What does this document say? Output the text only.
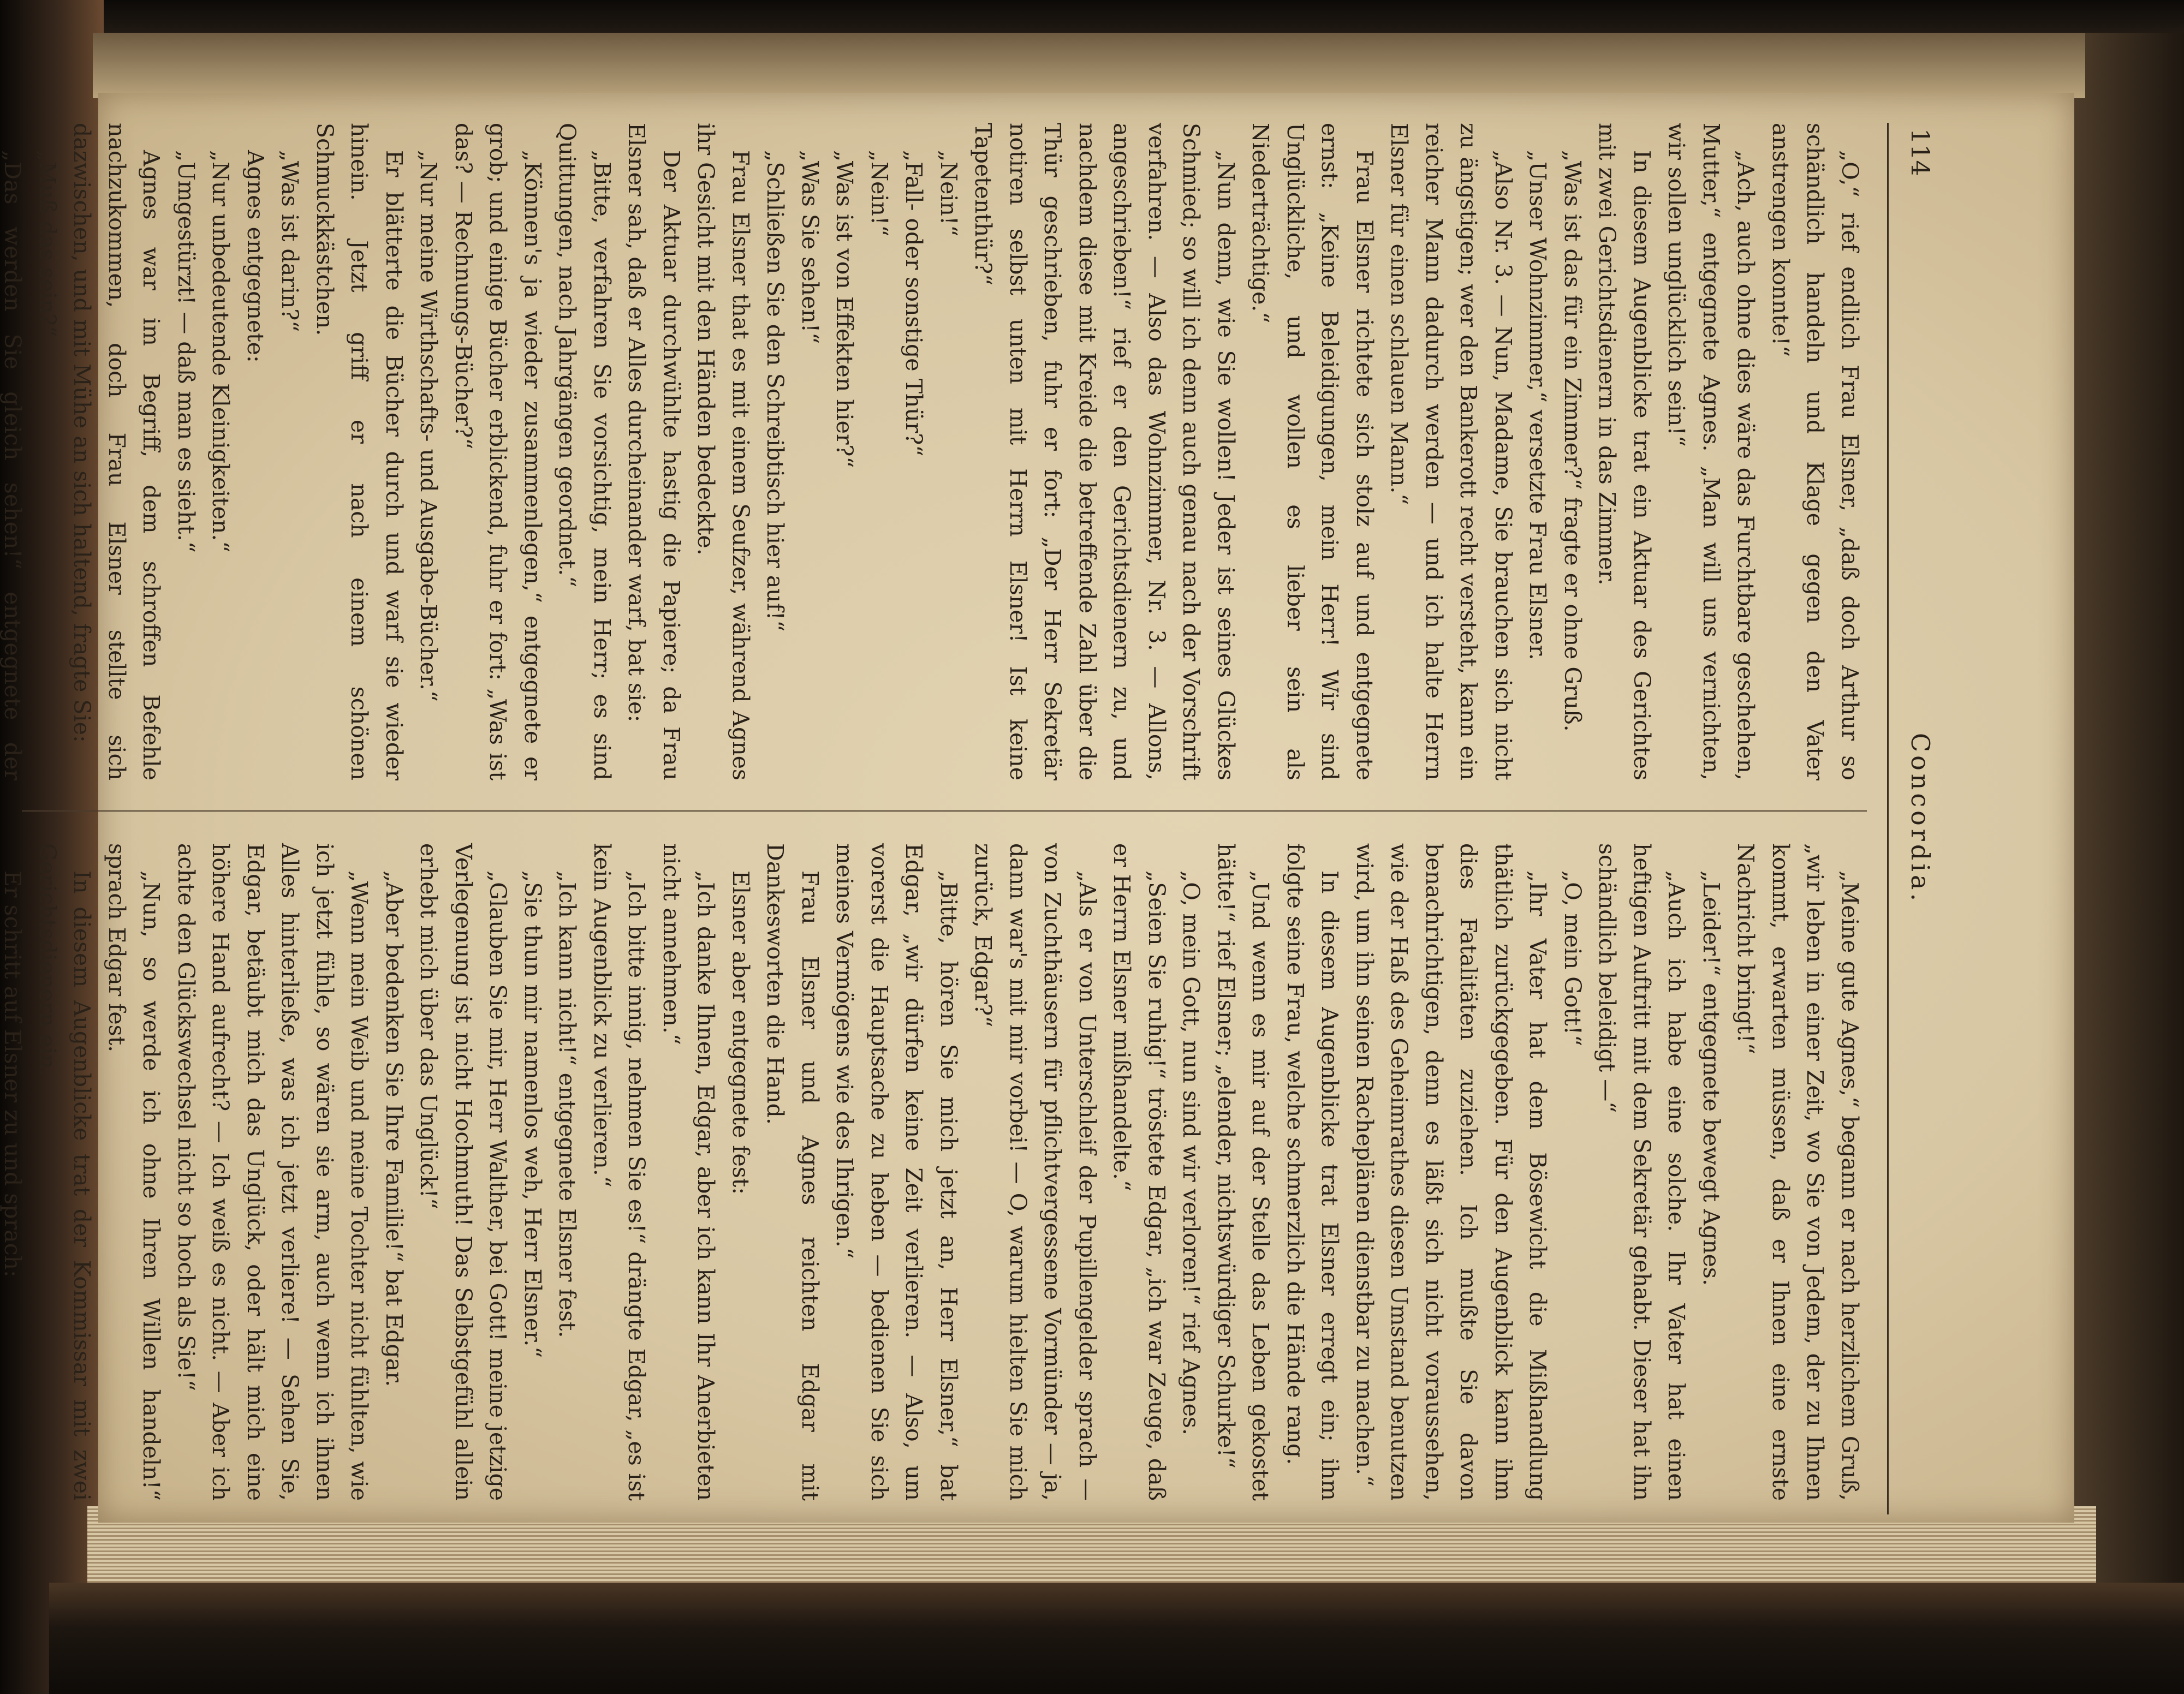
114
Concordia.

„O,“ rief endlich Frau Elsner, „daß doch Arthur so schändlich handeln und Klage gegen den Vater anstrengen konnte!“

„Ach, auch ohne dies wäre das Furchtbare geschehen, Mutter,“ entgegnete Agnes. „Man will uns vernichten, wir sollen unglücklich sein!“

In diesem Augenblicke trat ein Aktuar des Gerichtes mit zwei Gerichtsdienern in das Zimmer.

„Was ist das für ein Zimmer?“ fragte er ohne Gruß.

„Unser Wohnzimmer,“ versetzte Frau Elsner.

„Also Nr. 3. — Nun, Madame, Sie brauchen sich nicht zu ängstigen; wer den Bankerott recht versteht, kann ein reicher Mann dadurch werden — und ich halte Herrn Elsner für einen schlauen Mann.“

Frau Elsner richtete sich stolz auf und entgegnete ernst: „Keine Beleidigungen, mein Herr! Wir sind Unglückliche, und wollen es lieber sein als Niederträchtige.“

„Nun denn, wie Sie wollen! Jeder ist seines Glückes Schmied; so will ich denn auch genau nach der Vorschrift verfahren. — Also das Wohnzimmer, Nr. 3. — Allons, angeschrieben!“ rief er den Gerichtsdienern zu, und nachdem diese mit Kreide die betreffende Zahl über die Thür geschrieben, fuhr er fort: „Der Herr Sekretär notiren selbst unten mit Herrn Elsner! Ist keine Tapetenthür?“

„Nein!“

„Fall- oder sonstige Thür?“

„Nein!“

„Was ist von Effekten hier?“

„Was Sie sehen!“

„Schließen Sie den Schreibtisch hier auf!“

Frau Elsner that es mit einem Seufzer, während Agnes ihr Gesicht mit den Händen bedeckte.

Der Aktuar durchwühlte hastig die Papiere; da Frau Elsner sah, daß er Alles durcheinander warf, bat sie:

„Bitte, verfahren Sie vorsichtig, mein Herr; es sind Quittungen, nach Jahrgängen geordnet.“

„Können's ja wieder zusammenlegen,“ entgegnete er grob; und einige Bücher erblickend, fuhr er fort: „Was ist das? — Rechnungs-Bücher?“

„Nur meine Wirthschafts- und Ausgabe-Bücher.“

Er blätterte die Bücher durch und warf sie wieder hinein. Jetzt griff er nach einem schönen Schmuckkästchen.

„Was ist darin?“

Agnes entgegnete:

„Nur unbedeutende Kleinigkeiten.“

„Umgestürzt! — daß man es sieht.“

Agnes war im Begriff, dem schroffen Befehle nachzukommen, doch Frau Elsner stellte sich dazwischen, und mit Mühe an sich haltend, fragte Sie:

„Muß das sein?“

„Das werden Sie gleich sehen!“ entgegnete der

„Meine gute Agnes,“ begann er nach herzlichem Gruß, „wir leben in einer Zeit, wo Sie von Jedem, der zu Ihnen kommt, erwarten müssen, daß er Ihnen eine ernste Nachricht bringt!“

„Leider!“ entgegnete bewegt Agnes.

„Auch ich habe eine solche. Ihr Vater hat einen heftigen Auftritt mit dem Sekretär gehabt. Dieser hat ihn schändlich beleidigt —“

„O, mein Gott!“

„Ihr Vater hat dem Bösewicht die Mißhandlung thätlich zurückgegeben. Für den Augenblick kann ihm dies Fatalitäten zuziehen. Ich mußte Sie davon benachrichtigen, denn es läßt sich nicht voraussehen, wie der Haß des Geheimrathes diesen Umstand benutzen wird, um ihn seinen Racheplänen dienstbar zu machen.“

In diesem Augenblicke trat Elsner erregt ein; ihm folgte seine Frau, welche schmerzlich die Hände rang.

„Und wenn es mir auf der Stelle das Leben gekostet hätte!“ rief Elsner; „elender, nichtswürdiger Schurke!“

„O, mein Gott, nun sind wir verloren!“ rief Agnes.

„Seien Sie ruhig!“ tröstete Edgar, „ich war Zeuge, daß er Herrn Elsner mißhandelte.“

„Als er von Unterschleif der Pupillengelder sprach — von Zuchthäusern für pflichtvergessene Vormünder — ja, dann war's mit mir vorbei! — O, warum hielten Sie mich zurück, Edgar?“

„Bitte, hören Sie mich jetzt an, Herr Elsner,“ bat Edgar, „wir dürfen keine Zeit verlieren. — Also, um vorerst die Hauptsache zu heben — bedienen Sie sich meines Vermögens wie des Ihrigen.“

Frau Elsner und Agnes reichten Edgar mit Dankesworten die Hand.

Elsner aber entgegnete fest:

„Ich danke Ihnen, Edgar, aber ich kann Ihr Anerbieten nicht annehmen.“

„Ich bitte innig, nehmen Sie es!“ drängte Edgar, „es ist kein Augenblick zu verlieren.“

„Ich kann nicht!“ entgegnete Elsner fest.

„Sie thun mir namenlos weh, Herr Elsner.“

„Glauben Sie mir, Herr Walther, bei Gott! meine jetzige Verlegenung ist nicht Hochmuth! Das Selbstgefühl allein erhebt mich über das Unglück!“

„Aber bedenken Sie Ihre Familie!“ bat Edgar.

„Wenn mein Weib und meine Tochter nicht fühlten, wie ich jetzt fühle, so wären sie arm, auch wenn ich ihnen Alles hinterließe, was ich jetzt verliere! — Sehen Sie, Edgar, betäubt mich das Unglück, oder hält mich eine höhere Hand aufrecht? — Ich weiß es nicht. — Aber ich achte den Glückswechsel nicht so hoch als Sie!“

„Nun, so werde ich ohne Ihren Willen handeln!“ sprach Edgar fest.

In diesem Augenblicke trat der Kommissar mit zwei Gerichtsdienern ein.

Er schritt auf Elsner zu und sprach:
